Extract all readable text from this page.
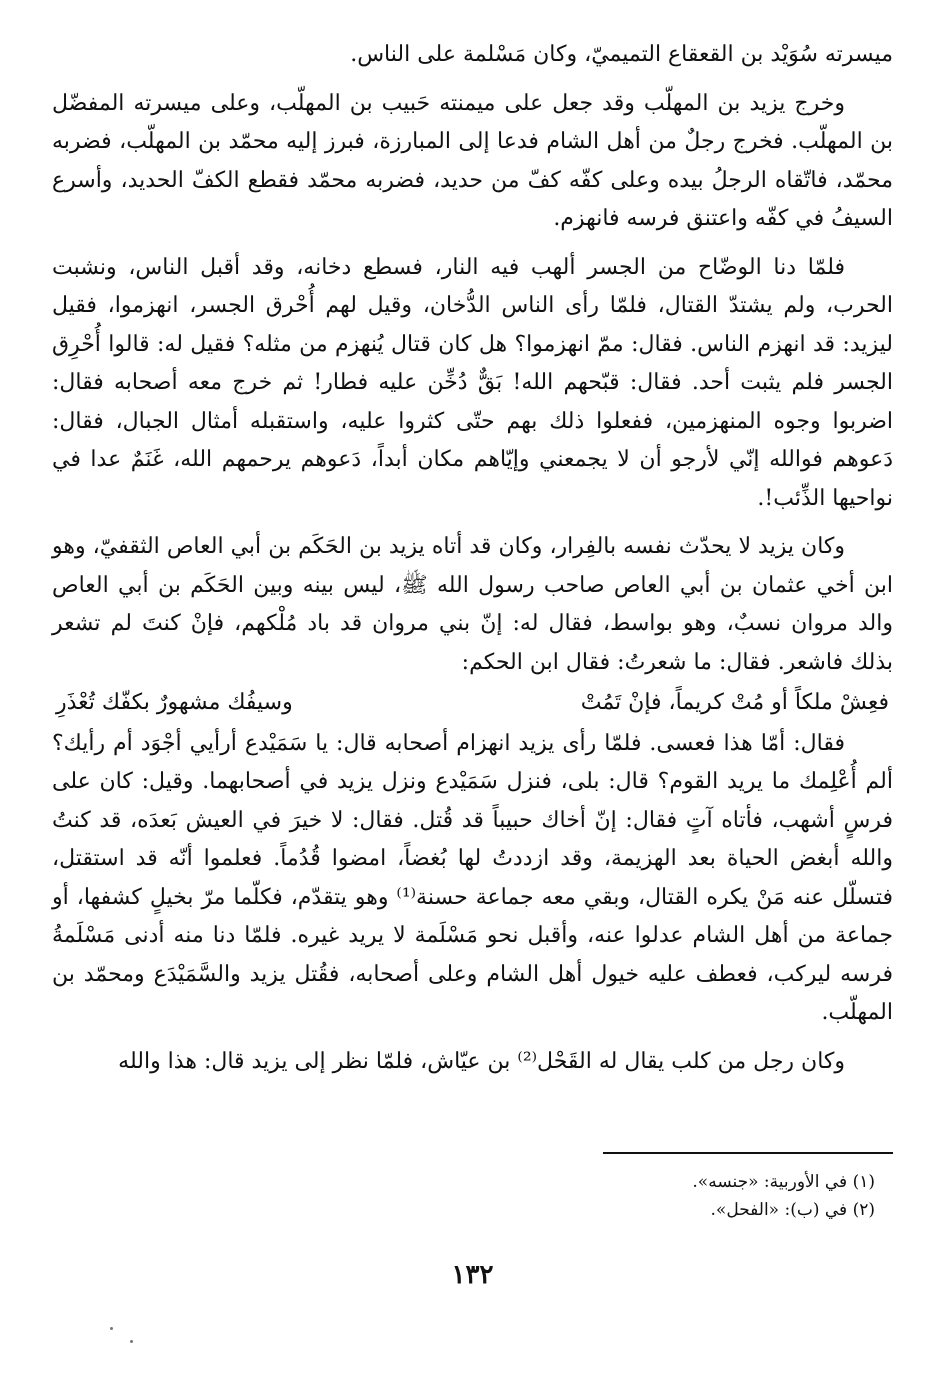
ميسرته سُوَيْد بن القعقاع التميميّ، وكان مَسْلمة على الناس.

وخرج يزيد بن المهلّب وقد جعل على ميمنته حَبيب بن المهلّب، وعلى ميسرته المفضّل بن المهلّب. فخرج رجلٌ من أهل الشام فدعا إلى المبارزة، فبرز إليه محمّد بن المهلّب، فضربه محمّد، فاتّقاه الرجلُ بيده وعلى كفّه كفّ من حديد، فضربه محمّد فقطع الكفّ الحديد، وأسرع السيفُ في كفّه واعتنق فرسه فانهزم.

فلمّا دنا الوضّاح من الجسر ألهب فيه النار، فسطع دخانه، وقد أقبل الناس، ونشبت الحرب، ولم يشتدّ القتال، فلمّا رأى الناس الدُّخان، وقيل لهم أُحْرق الجسر، انهزموا، فقيل ليزيد: قد انهزم الناس. فقال: ممّ انهزموا؟ هل كان قتال يُنهزم من مثله؟ فقيل له: قالوا أُحْرِق الجسر فلم يثبت أحد. فقال: قبّحهم الله! بَقٌّ دُخِّن عليه فطار! ثم خرج معه أصحابه فقال: اضربوا وجوه المنهزمين، ففعلوا ذلك بهم حتّى كثروا عليه، واستقبله أمثال الجبال، فقال: دَعوهم فوالله إنّي لأرجو أن لا يجمعني وإيّاهم مكان أبداً، دَعوهم يرحمهم الله، غَنَمٌ عدا في نواحيها الذِّئب!.

وكان يزيد لا يحدّث نفسه بالفِرار، وكان قد أتاه يزيد بن الحَكَم بن أبي العاص الثقفيّ، وهو ابن أخي عثمان بن أبي العاص صاحب رسول الله ﷺ، ليس بينه وبين الحَكَم بن أبي العاص والد مروان نسبٌ، وهو بواسط، فقال له: إنّ بني مروان قد باد مُلْكهم، فإنْ كنتَ لم تشعر بذلك فاشعر. فقال: ما شعرتُ: فقال ابن الحكم:

فعِشْ ملكاً أو مُتْ كريماً، فإنْ تَمُتْ
وسيفُك مشهورٌ بكفّك تُعْذَرِ

فقال: أمّا هذا فعسى. فلمّا رأى يزيد انهزام أصحابه قال: يا سَمَيْدع أرأيي أجْوَد أم رأيك؟ ألم أُعْلِمك ما يريد القوم؟ قال: بلى، فنزل سَمَيْدع ونزل يزيد في أصحابهما. وقيل: كان على فرسٍ أشهب، فأتاه آتٍ فقال: إنّ أخاك حبيباً قد قُتل. فقال: لا خيرَ في العيش بَعدَه، قد كنتُ والله أبغض الحياة بعد الهزيمة، وقد ازددتُ لها بُغضاً، امضوا قُدُماً. فعلموا أنّه قد استقتل، فتسلّل عنه مَنْ يكره القتال، وبقي معه جماعة حسنة⁽¹⁾ وهو يتقدّم، فكلّما مرّ بخيلٍ كشفها، أو جماعة من أهل الشام عدلوا عنه، وأقبل نحو مَسْلَمة لا يريد غيره. فلمّا دنا منه أدنى مَسْلَمةُ فرسه ليركب، فعطف عليه خيول أهل الشام وعلى أصحابه، فقُتل يزيد والسَّمَيْدَع ومحمّد بن المهلّب.

وكان رجل من كلب يقال له القَحْل⁽²⁾ بن عيّاش، فلمّا نظر إلى يزيد قال: هذا والله

(١) في الأوربية: «جنسه».

(٢) في (ب): «الفحل».

١٣٢
